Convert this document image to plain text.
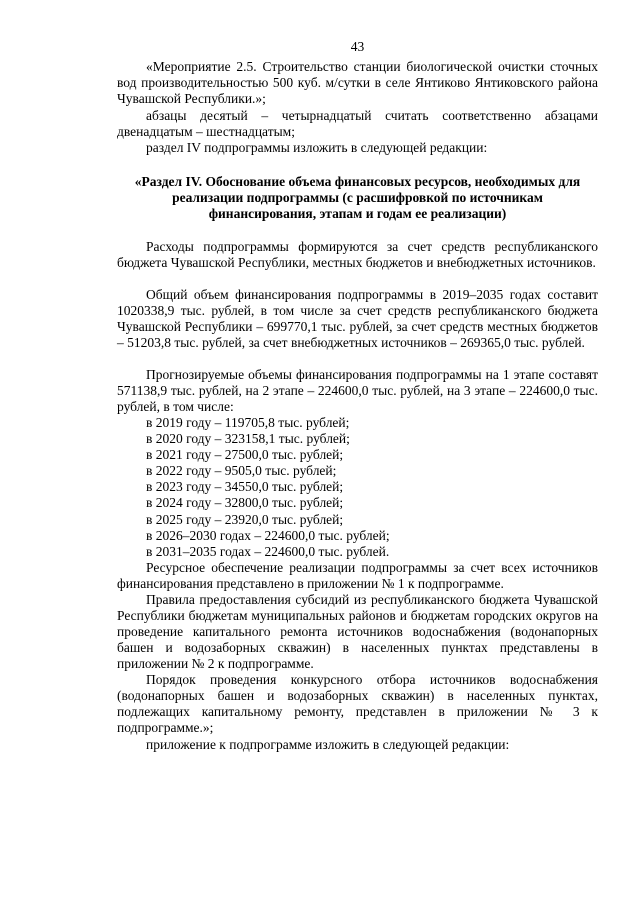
43

«Мероприятие 2.5. Строительство станции биологической очистки сточных вод производительностью 500 куб. м/сутки в селе Янтиково Янтиковского района Чувашской Республики.»;

абзацы десятый – четырнадцатый считать соответственно абзацами двенадцатым – шестнадцатым;

раздел IV подпрограммы изложить в следующей редакции:

«Раздел IV. Обоснование объема финансовых ресурсов, необходимых для реализации подпрограммы (с расшифровкой по источникам финансирования, этапам и годам ее реализации)

Расходы подпрограммы формируются за счет средств республиканского бюджета Чувашской Республики, местных бюджетов и внебюджетных источников.

Общий объем финансирования подпрограммы в 2019–2035 годах составит 1020338,9 тыс. рублей, в том числе за счет средств республиканского бюджета Чувашской Республики – 699770,1 тыс. рублей, за счет средств местных бюджетов – 51203,8 тыс. рублей, за счет внебюджетных источников – 269365,0 тыс. рублей.

Прогнозируемые объемы финансирования подпрограммы на 1 этапе составят 571138,9 тыс. рублей, на 2 этапе – 224600,0 тыс. рублей, на 3 этапе – 224600,0 тыс. рублей, в том числе:

в 2019 году – 119705,8 тыс. рублей;
в 2020 году – 323158,1 тыс. рублей;
в 2021 году – 27500,0 тыс. рублей;
в 2022 году – 9505,0 тыс. рублей;
в 2023 году – 34550,0 тыс. рублей;
в 2024 году – 32800,0 тыс. рублей;
в 2025 году – 23920,0 тыс. рублей;
в 2026–2030 годах – 224600,0 тыс. рублей;
в 2031–2035 годах – 224600,0 тыс. рублей.

Ресурсное обеспечение реализации подпрограммы за счет всех источников финансирования представлено в приложении № 1 к подпрограмме.

Правила предоставления субсидий из республиканского бюджета Чувашской Республики бюджетам муниципальных районов и бюджетам городских округов на проведение капитального ремонта источников водоснабжения (водонапорных башен и водозаборных скважин) в населенных пунктах представлены в приложении № 2 к подпрограмме.

Порядок проведения конкурсного отбора источников водоснабжения (водонапорных башен и водозаборных скважин) в населенных пунктах, подлежащих капитальному ремонту, представлен в приложении № 3 к подпрограмме.»;

приложение к подпрограмме изложить в следующей редакции:
